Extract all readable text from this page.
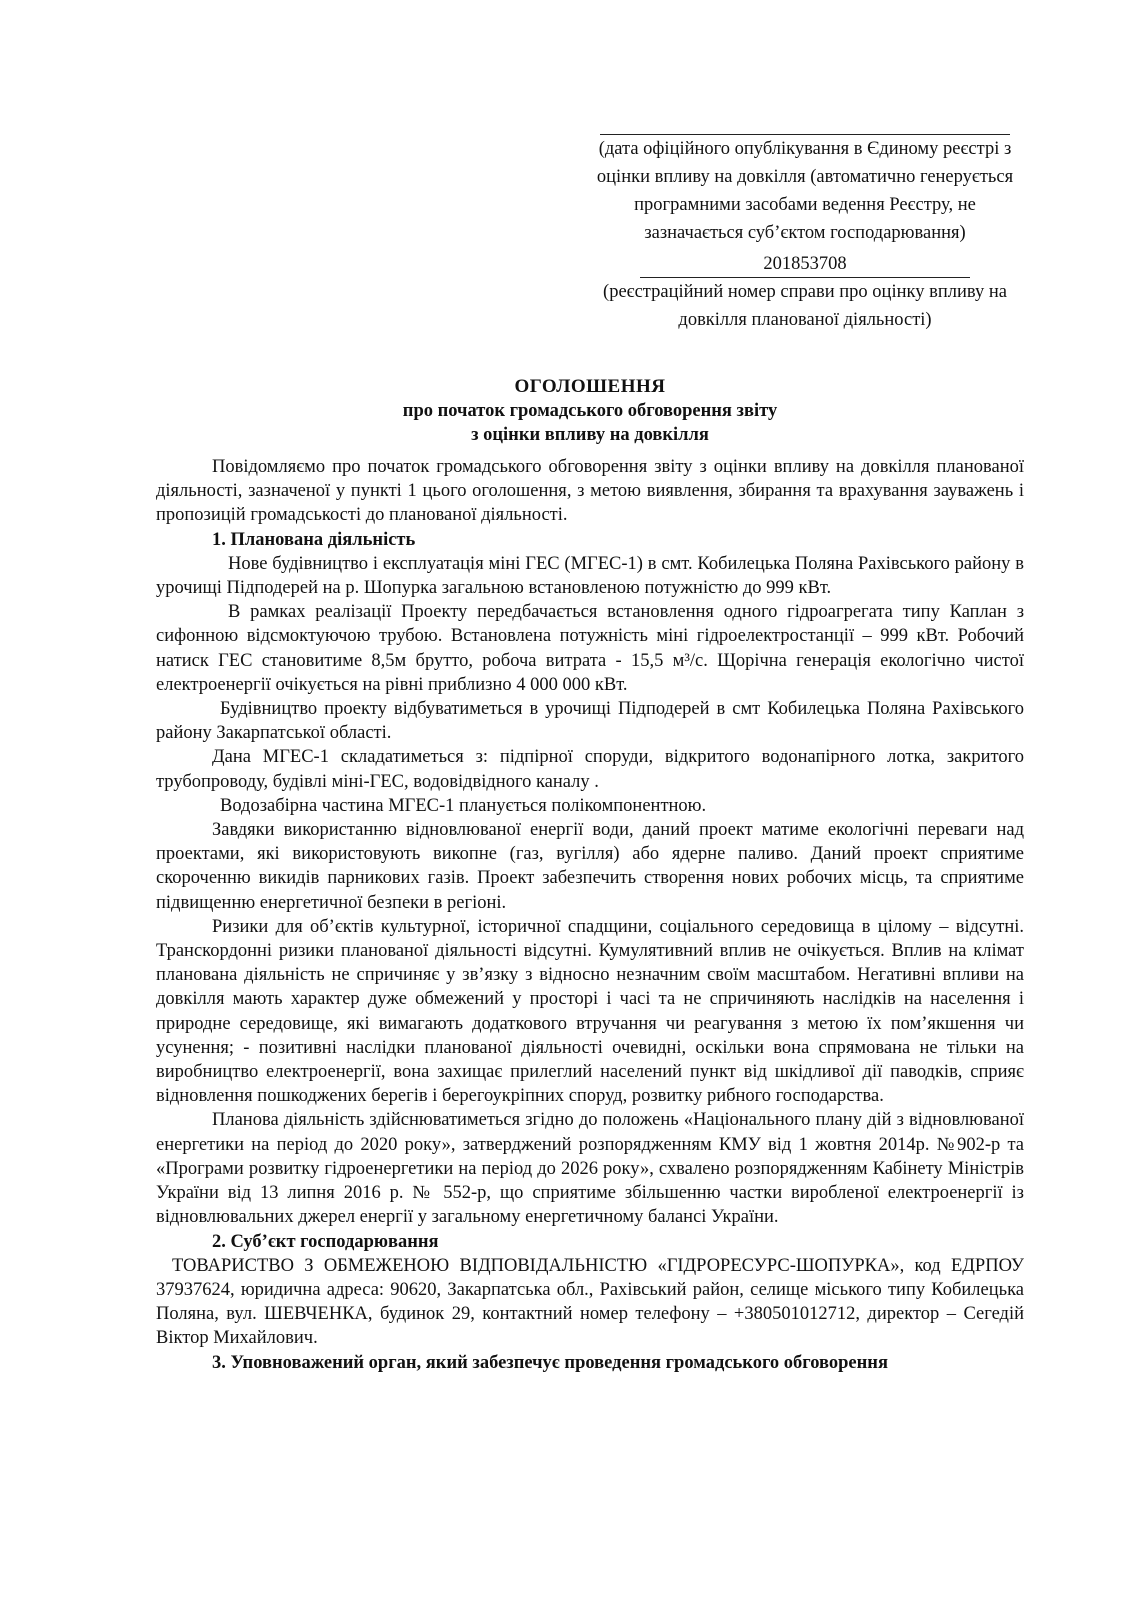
(дата офіційного опублікування в Єдиному реєстрі з оцінки впливу на довкілля (автоматично генерується програмними засобами ведення Реєстру, не зазначається суб’єктом господарювання)
201853708
(реєстраційний номер справи про оцінку впливу на довкілля планованої діяльності)
ОГОЛОШЕННЯ
про початок громадського обговорення звіту
з оцінки впливу на довкілля

Повідомляємо про початок громадського обговорення звіту з оцінки впливу на довкілля планованої діяльності, зазначеної у пункті 1 цього оголошення, з метою виявлення, збирання та врахування зауважень і пропозицій громадськості до планованої діяльності.

1. Планована діяльність

Нове будівництво і експлуатація міні ГЕС (МГЕС-1) в смт. Кобилецька Поляна Рахівського району в урочищі Підподерей на р. Шопурка загальною встановленою потужністю до 999 кВт.

В рамках реалізації Проекту передбачається встановлення одного гідроагрегата типу Каплан з сифонною відсмоктуючою трубою. Встановлена потужність міні гідроелектростанції – 999 кВт. Робочий натиск ГЕС становитиме 8,5м брутто, робоча витрата - 15,5 м³/с. Щорічна генерація екологічно чистої електроенергії очікується на рівні приблизно 4 000 000 кВт.

Будівництво проекту відбуватиметься в урочищі Підподерей в смт Кобилецька Поляна Рахівського району Закарпатської області.

Дана МГЕС-1 складатиметься з: підпірної споруди, відкритого водонапірного лотка, закритого трубопроводу, будівлі міні-ГЕС, водовідвідного каналу .

Водозабірна частина МГЕС-1 планується полікомпонентною.

Завдяки використанню відновлюваної енергії води, даний проект матиме екологічні переваги над проектами, які використовують викопне (газ, вугілля) або ядерне паливо. Даний проект сприятиме скороченню викидів парникових газів. Проект забезпечить створення нових робочих місць, та сприятиме підвищенню енергетичної безпеки в регіоні.

Ризики для об’єктів культурної, історичної спадщини, соціального середовища в цілому – відсутні. Транскордонні ризики планованої діяльності відсутні. Кумулятивний вплив не очікується. Вплив на клімат планована діяльність не спричиняє у зв’язку з відносно незначним своїм масштабом. Негативні впливи на довкілля мають характер дуже обмежений у просторі і часі та не спричиняють наслідків на населення і природне середовище, які вимагають додаткового втручання чи реагування з метою їх пом’якшення чи усунення; - позитивні наслідки планованої діяльності очевидні, оскільки вона спрямована не тільки на виробництво електроенергії, вона захищає прилеглий населений пункт від шкідливої дії паводків, сприяє відновлення пошкоджених берегів і берегоукріпних споруд, розвитку рибного господарства.

Планова діяльність здійснюватиметься згідно до положень «Національного плану дій з відновлюваної енергетики на період до 2020 року», затверджений розпорядженням КМУ від 1 жовтня 2014р. №902-р та «Програми розвитку гідроенергетики на період до 2026 року», схвалено розпорядженням Кабінету Міністрів України від 13 липня 2016 р. № 552-р, що сприятиме збільшенню частки виробленої електроенергії із відновлювальних джерел енергії у загальному енергетичному балансі України.

2. Суб’єкт господарювання

ТОВАРИСТВО З ОБМЕЖЕНОЮ ВІДПОВІДАЛЬНІСТЮ «ГІДРОРЕСУРС-ШОПУРКА», код ЕДРПОУ 37937624, юридична адреса: 90620, Закарпатська обл., Рахівський район, селище міського типу Кобилецька Поляна, вул. ШЕВЧЕНКА, будинок 29, контактний номер телефону – +380501012712, директор – Сегедій Віктор Михайлович.

3. Уповноважений орган, який забезпечує проведення громадського обговорення
